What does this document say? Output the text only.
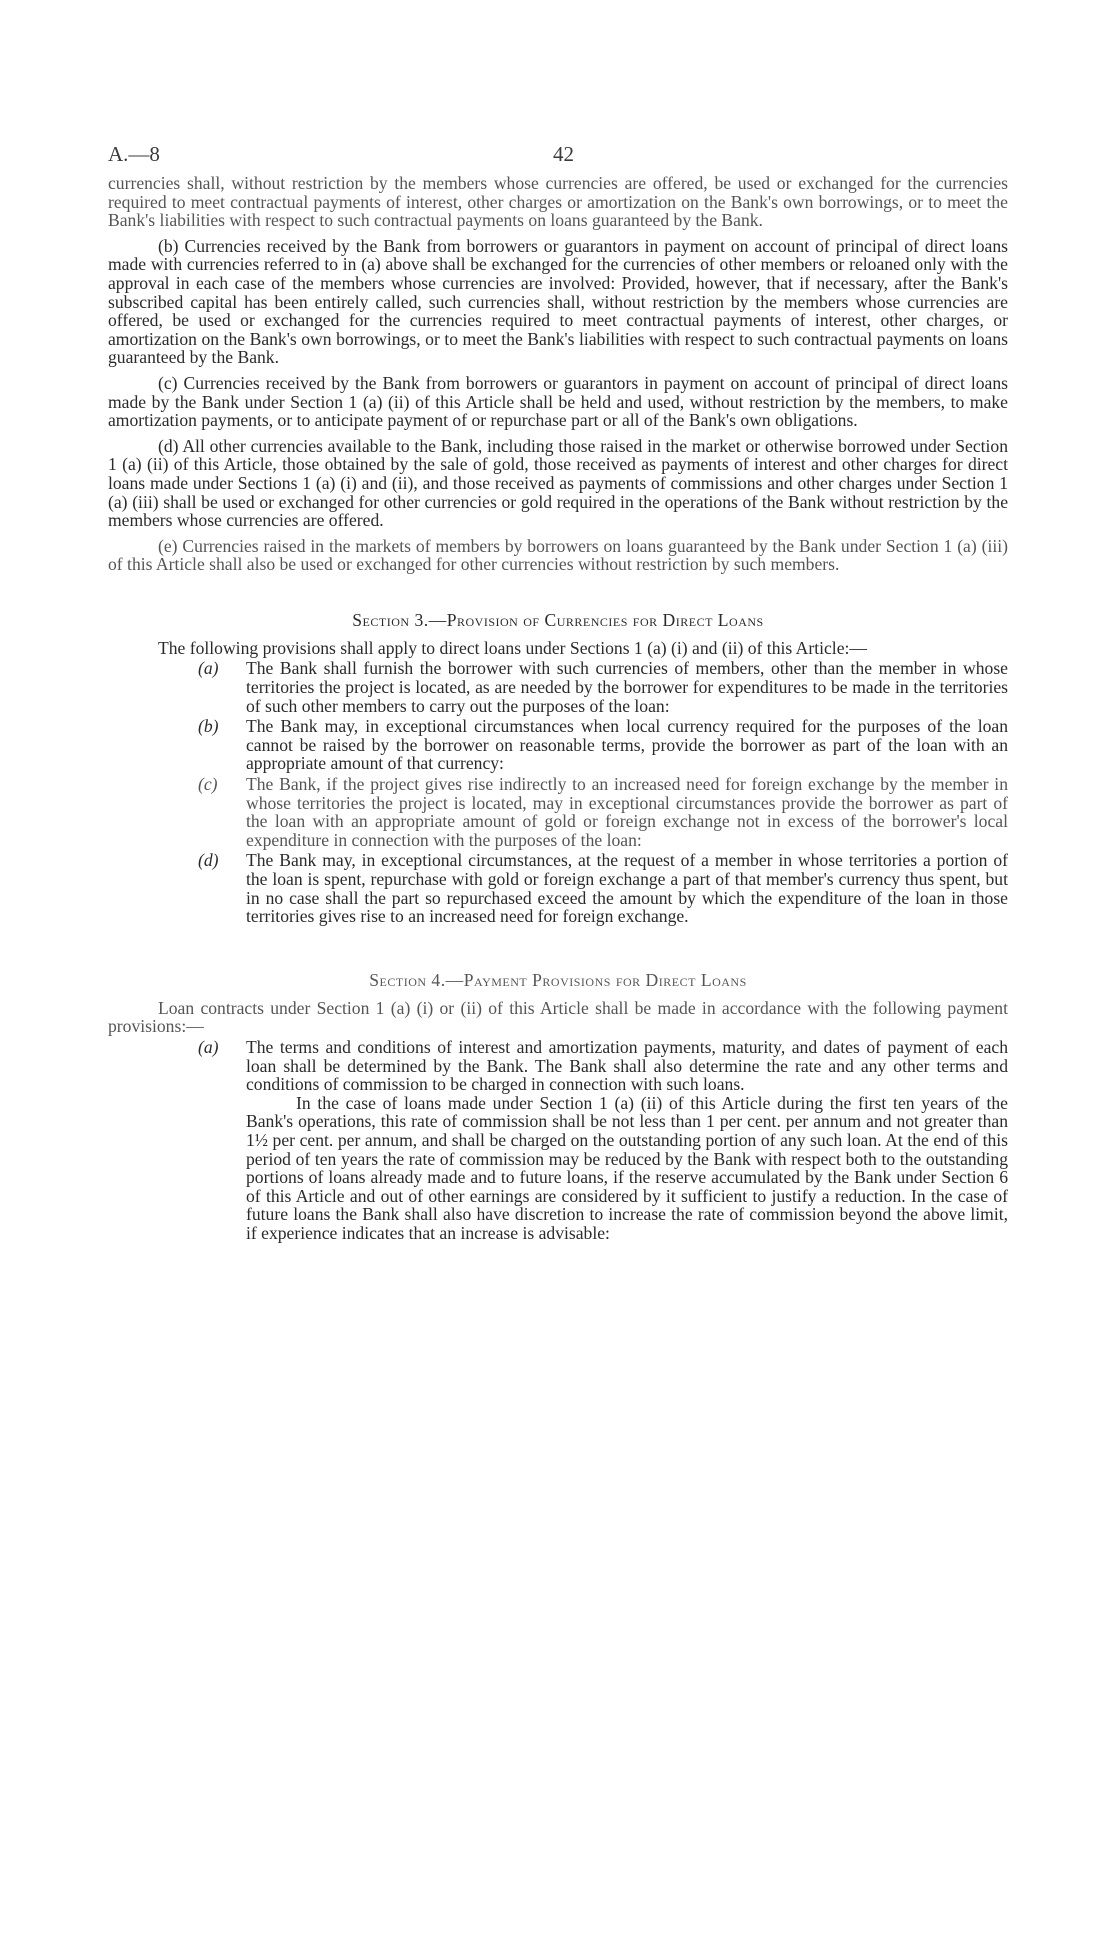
A.—8	42

currencies shall, without restriction by the members whose currencies are offered, be used or exchanged for the currencies required to meet contractual payments of interest, other charges or amortization on the Bank's own borrowings, or to meet the Bank's liabilities with respect to such contractual payments on loans guaranteed by the Bank.

(b) Currencies received by the Bank from borrowers or guarantors in payment on account of principal of direct loans made with currencies referred to in (a) above shall be exchanged for the currencies of other members or reloaned only with the approval in each case of the members whose currencies are involved: Provided, however, that if necessary, after the Bank's subscribed capital has been entirely called, such currencies shall, without restriction by the members whose currencies are offered, be used or exchanged for the currencies required to meet contractual payments of interest, other charges, or amortization on the Bank's own borrowings, or to meet the Bank's liabilities with respect to such contractual payments on loans guaranteed by the Bank.

(c) Currencies received by the Bank from borrowers or guarantors in payment on account of principal of direct loans made by the Bank under Section 1 (a) (ii) of this Article shall be held and used, without restriction by the members, to make amortization payments, or to anticipate payment of or repurchase part or all of the Bank's own obligations.

(d) All other currencies available to the Bank, including those raised in the market or otherwise borrowed under Section 1 (a) (ii) of this Article, those obtained by the sale of gold, those received as payments of interest and other charges for direct loans made under Sections 1 (a) (i) and (ii), and those received as payments of commissions and other charges under Section 1 (a) (iii) shall be used or exchanged for other currencies or gold required in the operations of the Bank without restriction by the members whose currencies are offered.

(e) Currencies raised in the markets of members by borrowers on loans guaranteed by the Bank under Section 1 (a) (iii) of this Article shall also be used or exchanged for other currencies without restriction by such members.

Section 3.—Provision of Currencies for Direct Loans

The following provisions shall apply to direct loans under Sections 1 (a) (i) and (ii) of this Article:—

(a)	The Bank shall furnish the borrower with such currencies of members, other than the member in whose territories the project is located, as are needed by the borrower for expenditures to be made in the territories of such other members to carry out the purposes of the loan:

(b)	The Bank may, in exceptional circumstances when local currency required for the purposes of the loan cannot be raised by the borrower on reasonable terms, provide the borrower as part of the loan with an appropriate amount of that currency:

(c)	The Bank, if the project gives rise indirectly to an increased need for foreign exchange by the member in whose territories the project is located, may in exceptional circumstances provide the borrower as part of the loan with an appropriate amount of gold or foreign exchange not in excess of the borrower's local expenditure in connection with the purposes of the loan:

(d)	The Bank may, in exceptional circumstances, at the request of a member in whose territories a portion of the loan is spent, repurchase with gold or foreign exchange a part of that member's currency thus spent, but in no case shall the part so repurchased exceed the amount by which the expenditure of the loan in those territories gives rise to an increased need for foreign exchange.

Section 4.—Payment Provisions for Direct Loans

Loan contracts under Section 1 (a) (i) or (ii) of this Article shall be made in accordance with the following payment provisions:—

(a)	The terms and conditions of interest and amortization payments, maturity, and dates of payment of each loan shall be determined by the Bank. The Bank shall also determine the rate and any other terms and conditions of commission to be charged in connection with such loans.

In the case of loans made under Section 1 (a) (ii) of this Article during the first ten years of the Bank's operations, this rate of commission shall be not less than 1 per cent. per annum and not greater than 1½ per cent. per annum, and shall be charged on the outstanding portion of any such loan. At the end of this period of ten years the rate of commission may be reduced by the Bank with respect both to the outstanding portions of loans already made and to future loans, if the reserve accumulated by the Bank under Section 6 of this Article and out of other earnings are considered by it sufficient to justify a reduction. In the case of future loans the Bank shall also have discretion to increase the rate of commission beyond the above limit, if experience indicates that an increase is advisable:
